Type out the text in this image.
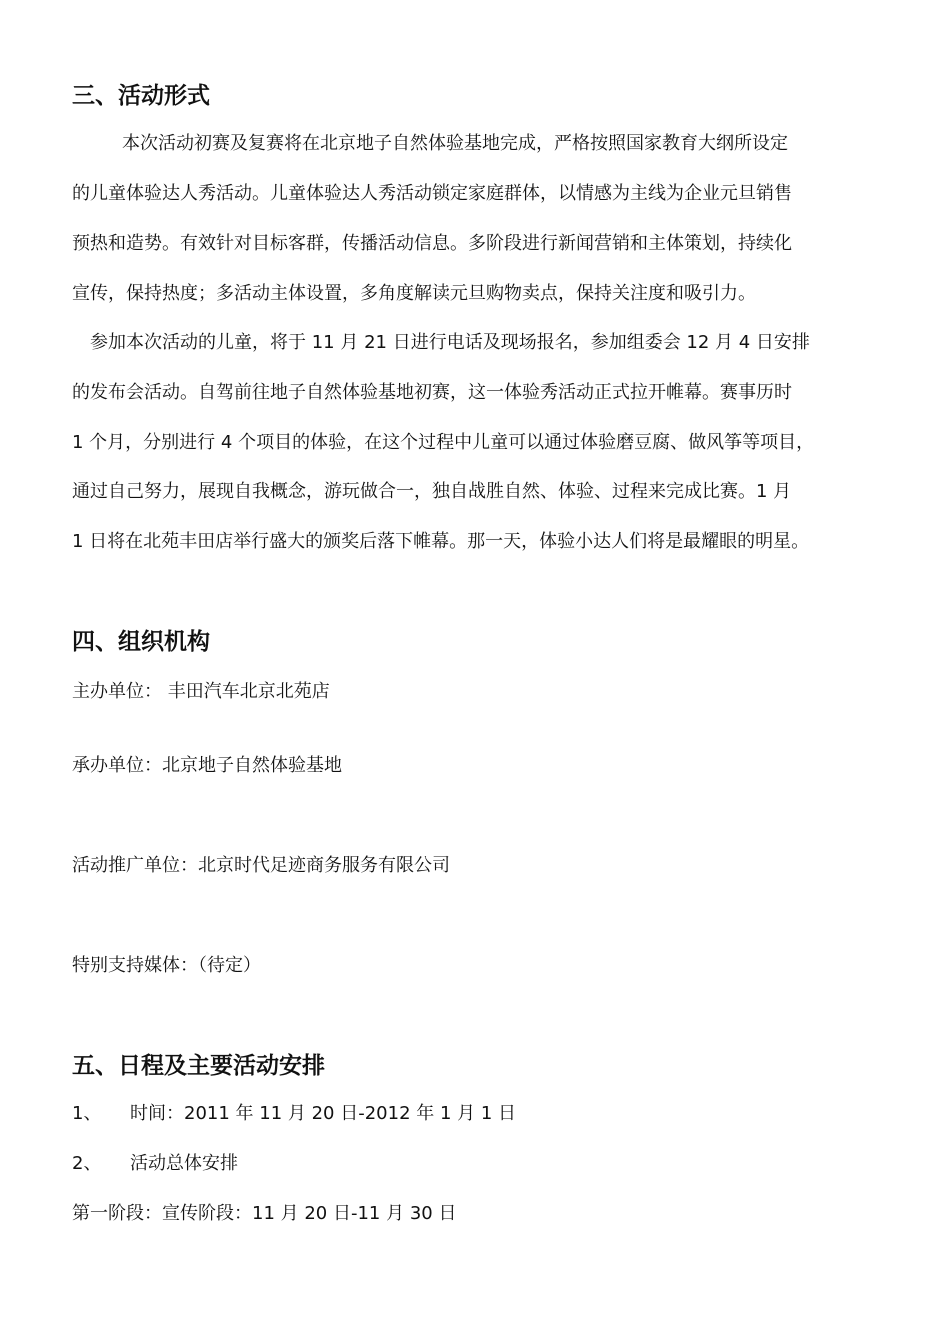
三、活动形式

本次活动初赛及复赛将在北京地子自然体验基地完成，严格按照国家教育大纲所设定

的儿童体验达人秀活动。儿童体验达人秀活动锁定家庭群体，以情感为主线为企业元旦销售

预热和造势。有效针对目标客群，传播活动信息。多阶段进行新闻营销和主体策划，持续化

宣传，保持热度；多活动主体设置，多角度解读元旦购物卖点，保持关注度和吸引力。

参加本次活动的儿童，将于 11 月 21 日进行电话及现场报名，参加组委会 12 月 4 日安排

的发布会活动。自驾前往地子自然体验基地初赛，这一体验秀活动正式拉开帷幕。赛事历时

1 个月，分别进行 4 个项目的体验，在这个过程中儿童可以通过体验磨豆腐、做风筝等项目，

通过自己努力，展现自我概念，游玩做合一，独自战胜自然、体验、过程来完成比赛。1 月

1 日将在北苑丰田店举行盛大的颁奖后落下帷幕。那一天，体验小达人们将是最耀眼的明星。

四、组织机构

主办单位： 丰田汽车北京北苑店

承办单位：北京地子自然体验基地

活动推广单位：北京时代足迹商务服务有限公司

特别支持媒体：（待定）

五、日程及主要活动安排

1、 时间：2011 年 11 月 20 日-2012 年 1 月 1 日

2、 活动总体安排

第一阶段：宣传阶段：11 月 20 日-11 月 30 日
